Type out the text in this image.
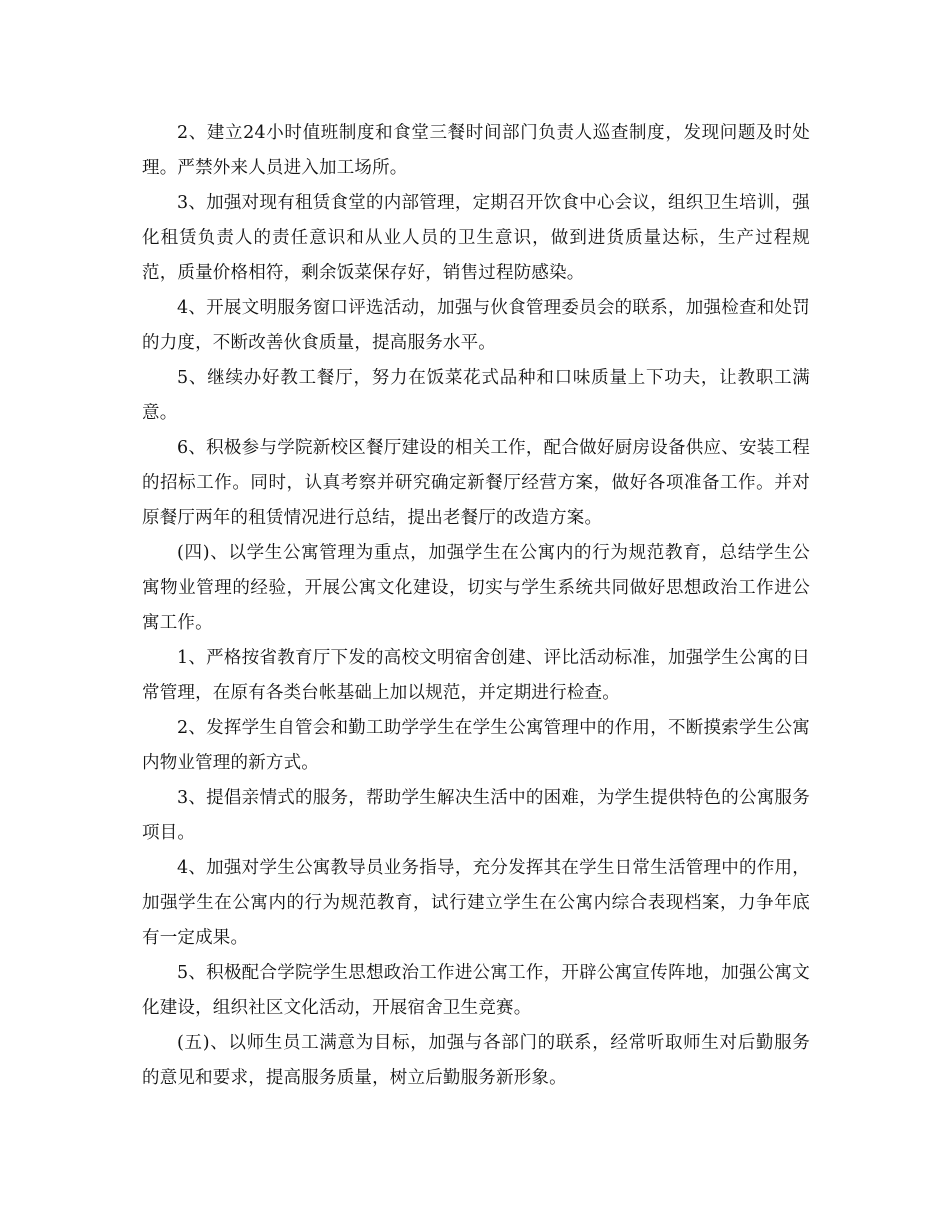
2、建立24小时值班制度和食堂三餐时间部门负责人巡查制度，发现问题及时处理。严禁外来人员进入加工场所。

3、加强对现有租赁食堂的内部管理，定期召开饮食中心会议，组织卫生培训，强化租赁负责人的责任意识和从业人员的卫生意识，做到进货质量达标，生产过程规范，质量价格相符，剩余饭菜保存好，销售过程防感染。

4、开展文明服务窗口评选活动，加强与伙食管理委员会的联系，加强检查和处罚的力度，不断改善伙食质量，提高服务水平。

5、继续办好教工餐厅，努力在饭菜花式品种和口味质量上下功夫，让教职工满意。

6、积极参与学院新校区餐厅建设的相关工作，配合做好厨房设备供应、安装工程的招标工作。同时，认真考察并研究确定新餐厅经营方案，做好各项准备工作。并对原餐厅两年的租赁情况进行总结，提出老餐厅的改造方案。

(四)、以学生公寓管理为重点，加强学生在公寓内的行为规范教育，总结学生公寓物业管理的经验，开展公寓文化建设，切实与学生系统共同做好思想政治工作进公寓工作。

1、严格按省教育厅下发的高校文明宿舍创建、评比活动标准，加强学生公寓的日常管理，在原有各类台帐基础上加以规范，并定期进行检查。

2、发挥学生自管会和勤工助学学生在学生公寓管理中的作用，不断摸索学生公寓内物业管理的新方式。

3、提倡亲情式的服务，帮助学生解决生活中的困难，为学生提供特色的公寓服务项目。

4、加强对学生公寓教导员业务指导，充分发挥其在学生日常生活管理中的作用，加强学生在公寓内的行为规范教育，试行建立学生在公寓内综合表现档案，力争年底有一定成果。

5、积极配合学院学生思想政治工作进公寓工作，开辟公寓宣传阵地，加强公寓文化建设，组织社区文化活动，开展宿舍卫生竞赛。

(五)、以师生员工满意为目标，加强与各部门的联系，经常听取师生对后勤服务的意见和要求，提高服务质量，树立后勤服务新形象。
